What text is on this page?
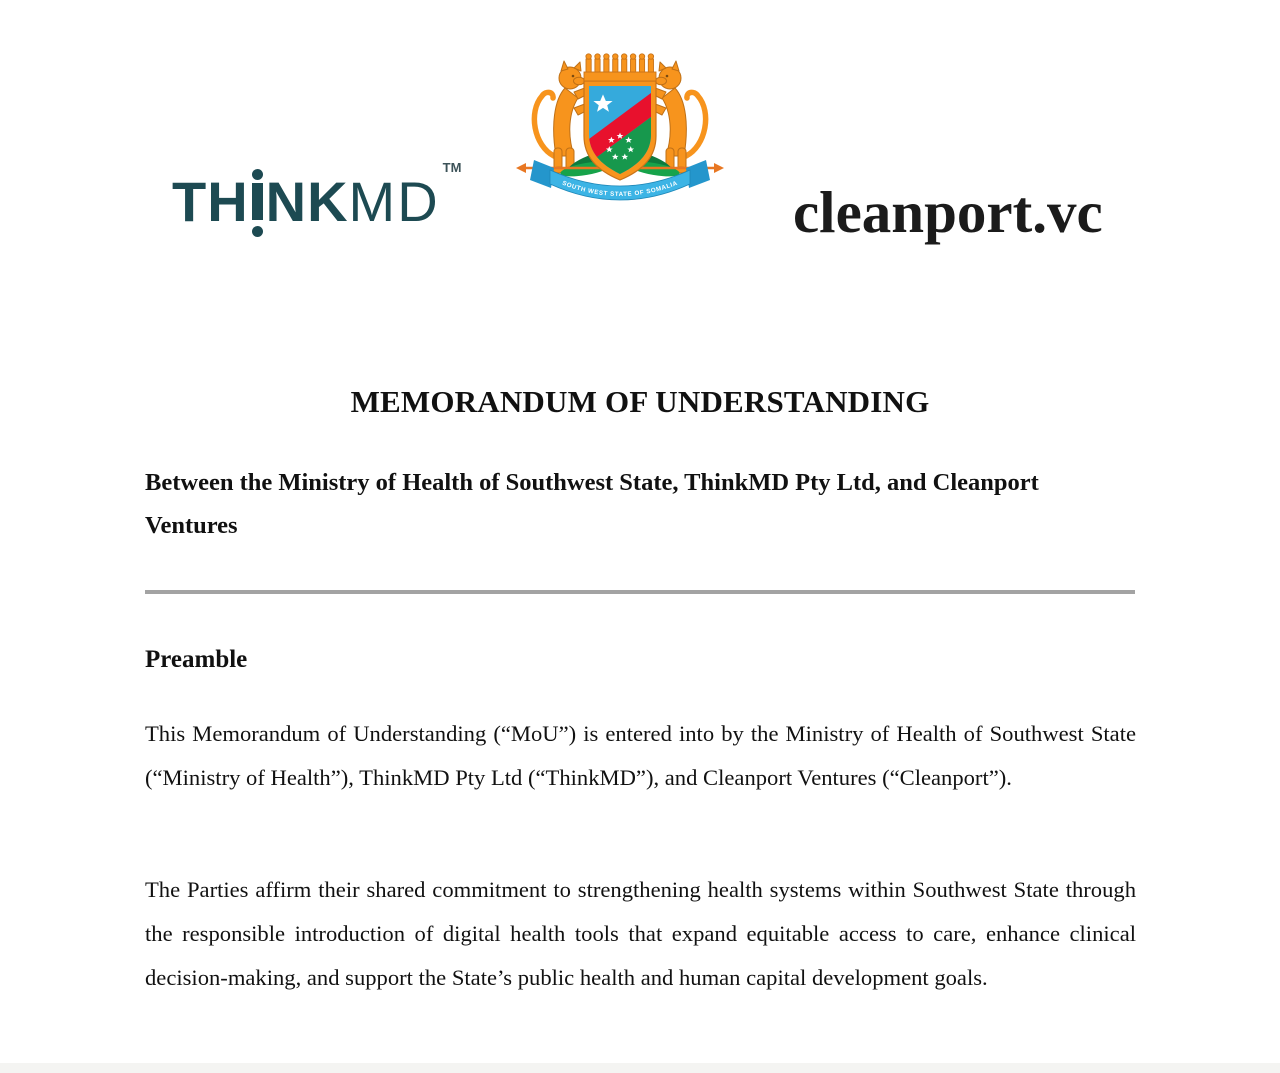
TH NK MD
TM
SOUTH WEST STATE OF SOMALIA cleanport.vc
MEMORANDUM OF UNDERSTANDING
Between the Ministry of Health of Southwest State, ThinkMD Pty Ltd, and Cleanport Ventures
Preamble
This Memorandum of Understanding (“MoU”) is entered into by the Ministry of Health of Southwest State (“Ministry of Health”), ThinkMD Pty Ltd (“ThinkMD”), and Cleanport Ventures (“Cleanport”).
The Parties affirm their shared commitment to strengthening health systems within Southwest State through the responsible introduction of digital health tools that expand equitable access to care, enhance clinical decision-making, and support the State’s public health and human capital development goals.
